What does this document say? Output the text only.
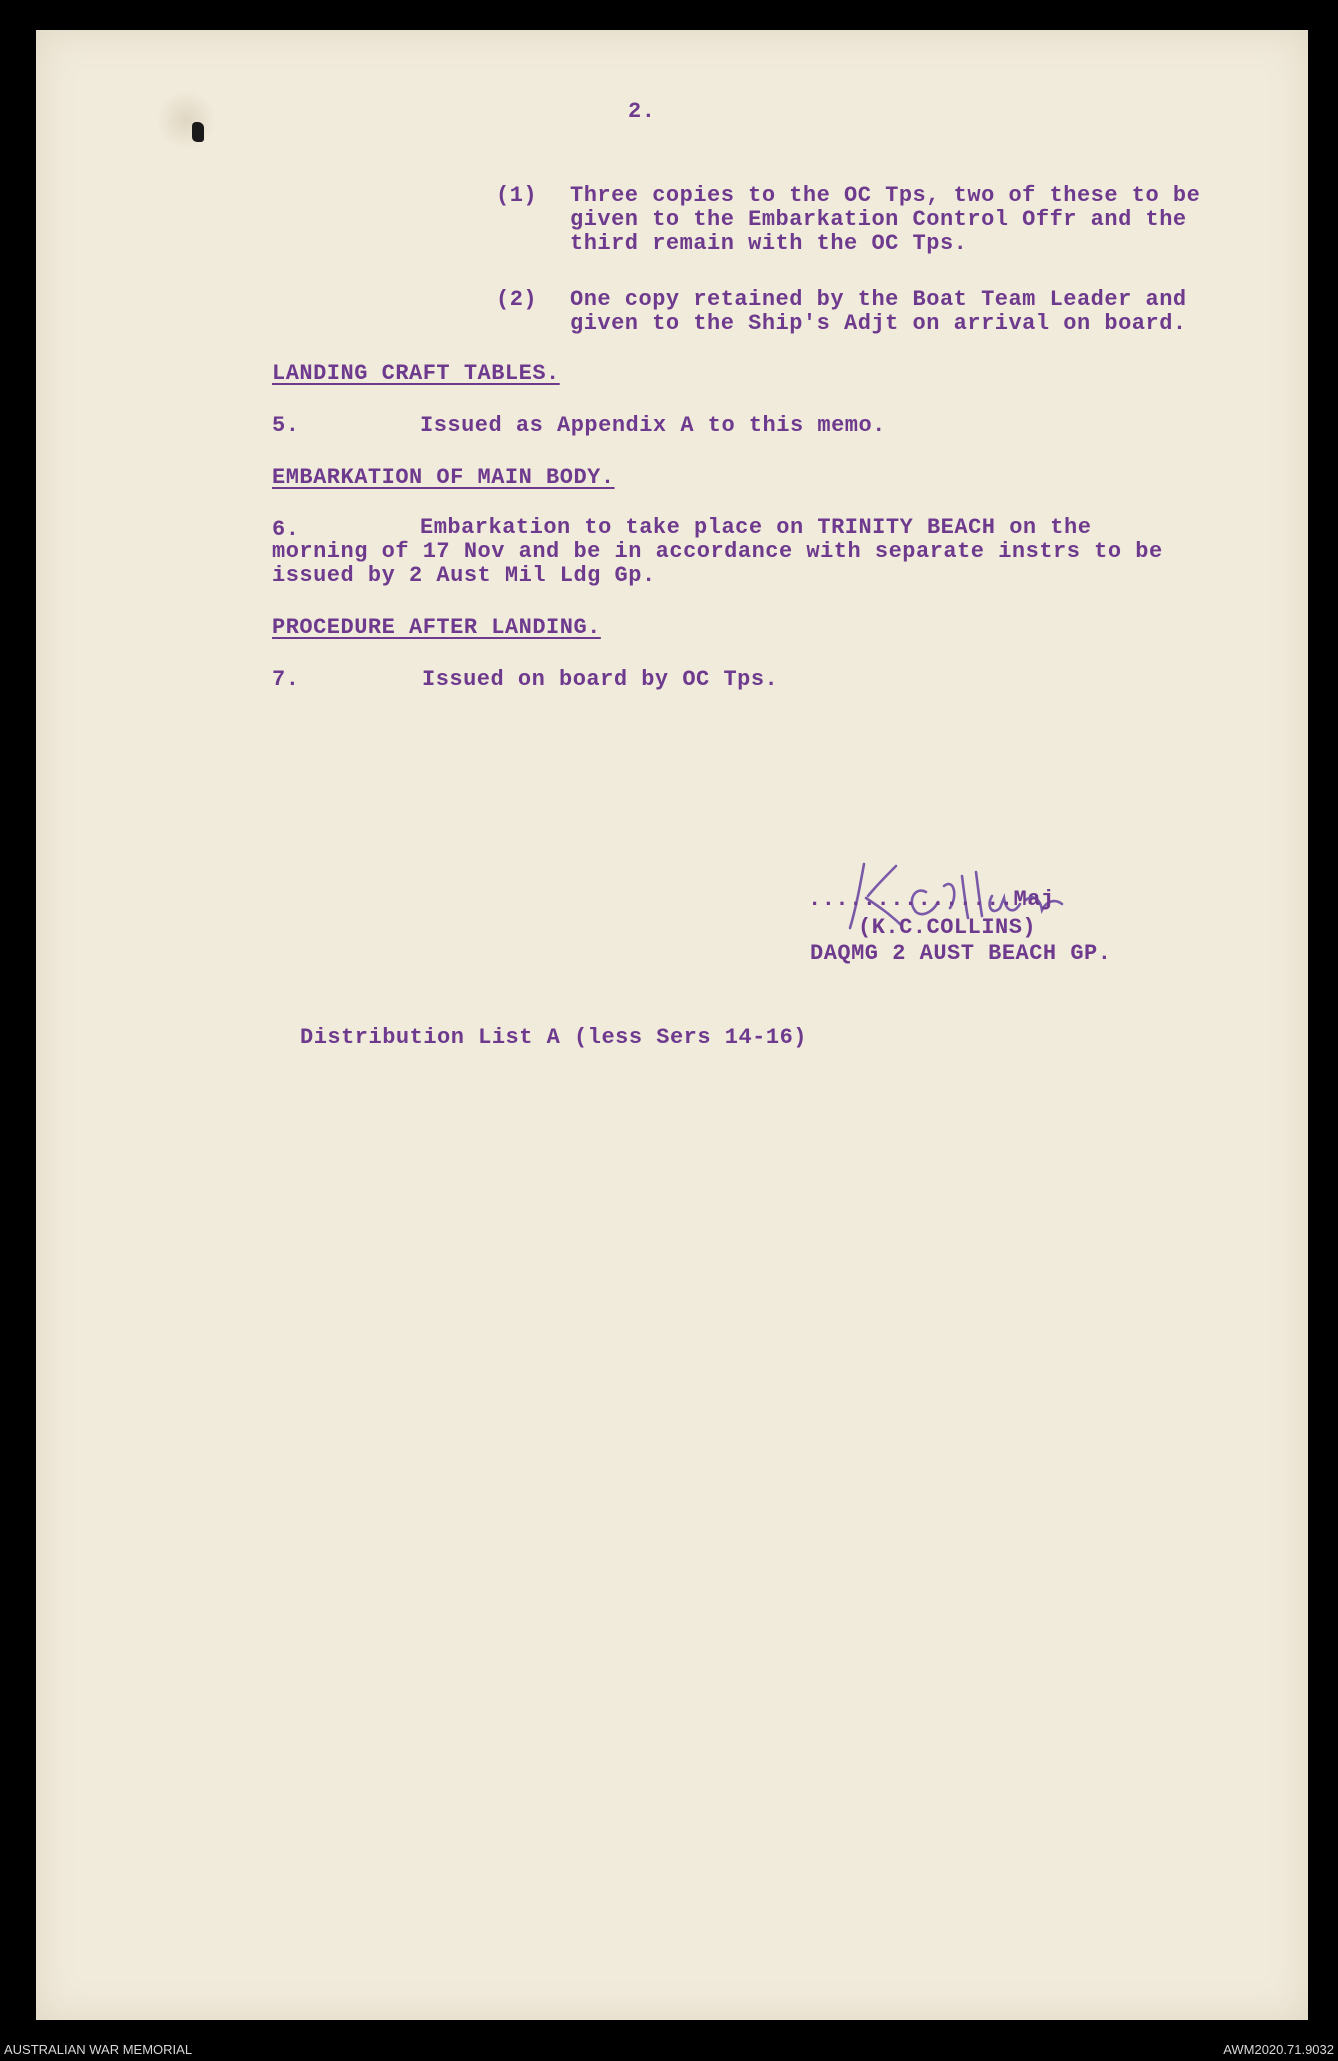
2.
(1) Three copies to the OC Tps, two of these to be
given to the Embarkation Control Offr and the
third remain with the OC Tps.
(2) One copy retained by the Boat Team Leader and
given to the Ship's Adjt on arrival on board.
LANDING CRAFT TABLES.
5.	Issued as Appendix A to this memo.
EMBARKATION OF MAIN BODY.
6.	Embarkation to take place on TRINITY BEACH on the
morning of 17 Nov and be in accordance with separate instrs to be
issued by 2 Aust Mil Ldg Gp.
PROCEDURE AFTER LANDING.
7.	Issued on board by OC Tps.
...............Maj
(K.C.COLLINS)
DAQMG 2 AUST BEACH GP.
Distribution List A (less Sers 14-16)
AUSTRALIAN WAR MEMORIAL	AWM2020.71.9032
